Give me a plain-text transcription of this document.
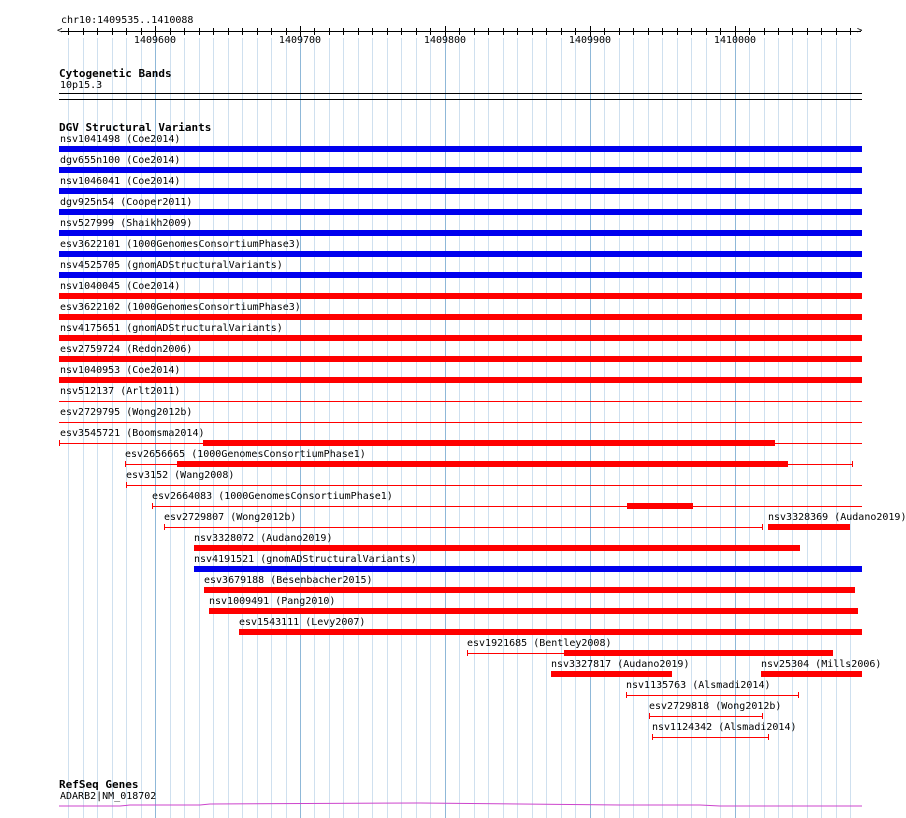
chr10:1409535..1410088
<	>
1409600	1409700	1409800	1409900	1410000
Cytogenetic Bands
10p15.3
DGV Structural Variants
nsv1041498 (Coe2014)
dgv655n100 (Coe2014)
nsv1046041 (Coe2014)
dgv925n54 (Cooper2011)
nsv527999 (Shaikh2009)
esv3622101 (1000GenomesConsortiumPhase3)
nsv4525705 (gnomADStructuralVariants)
nsv1040045 (Coe2014)
esv3622102 (1000GenomesConsortiumPhase3)
nsv4175651 (gnomADStructuralVariants)
esv2759724 (Redon2006)
nsv1040953 (Coe2014)
nsv512137 (Arlt2011)
esv2729795 (Wong2012b)
esv3545721 (Boomsma2014)
esv2656665 (1000GenomesConsortiumPhase1)
esv3152 (Wang2008)
esv2664083 (1000GenomesConsortiumPhase1)
esv2729807 (Wong2012b)	nsv3328369 (Audano2019)
nsv3328072 (Audano2019)
nsv4191521 (gnomADStructuralVariants)
esv3679188 (Besenbacher2015)
nsv1009491 (Pang2010)
esv1543111 (Levy2007)
esv1921685 (Bentley2008)
nsv3327817 (Audano2019)	nsv25304 (Mills2006)
nsv1135763 (Alsmadi2014)
esv2729818 (Wong2012b)
nsv1124342 (Alsmadi2014)
RefSeq Genes
ADARB2|NM_018702
